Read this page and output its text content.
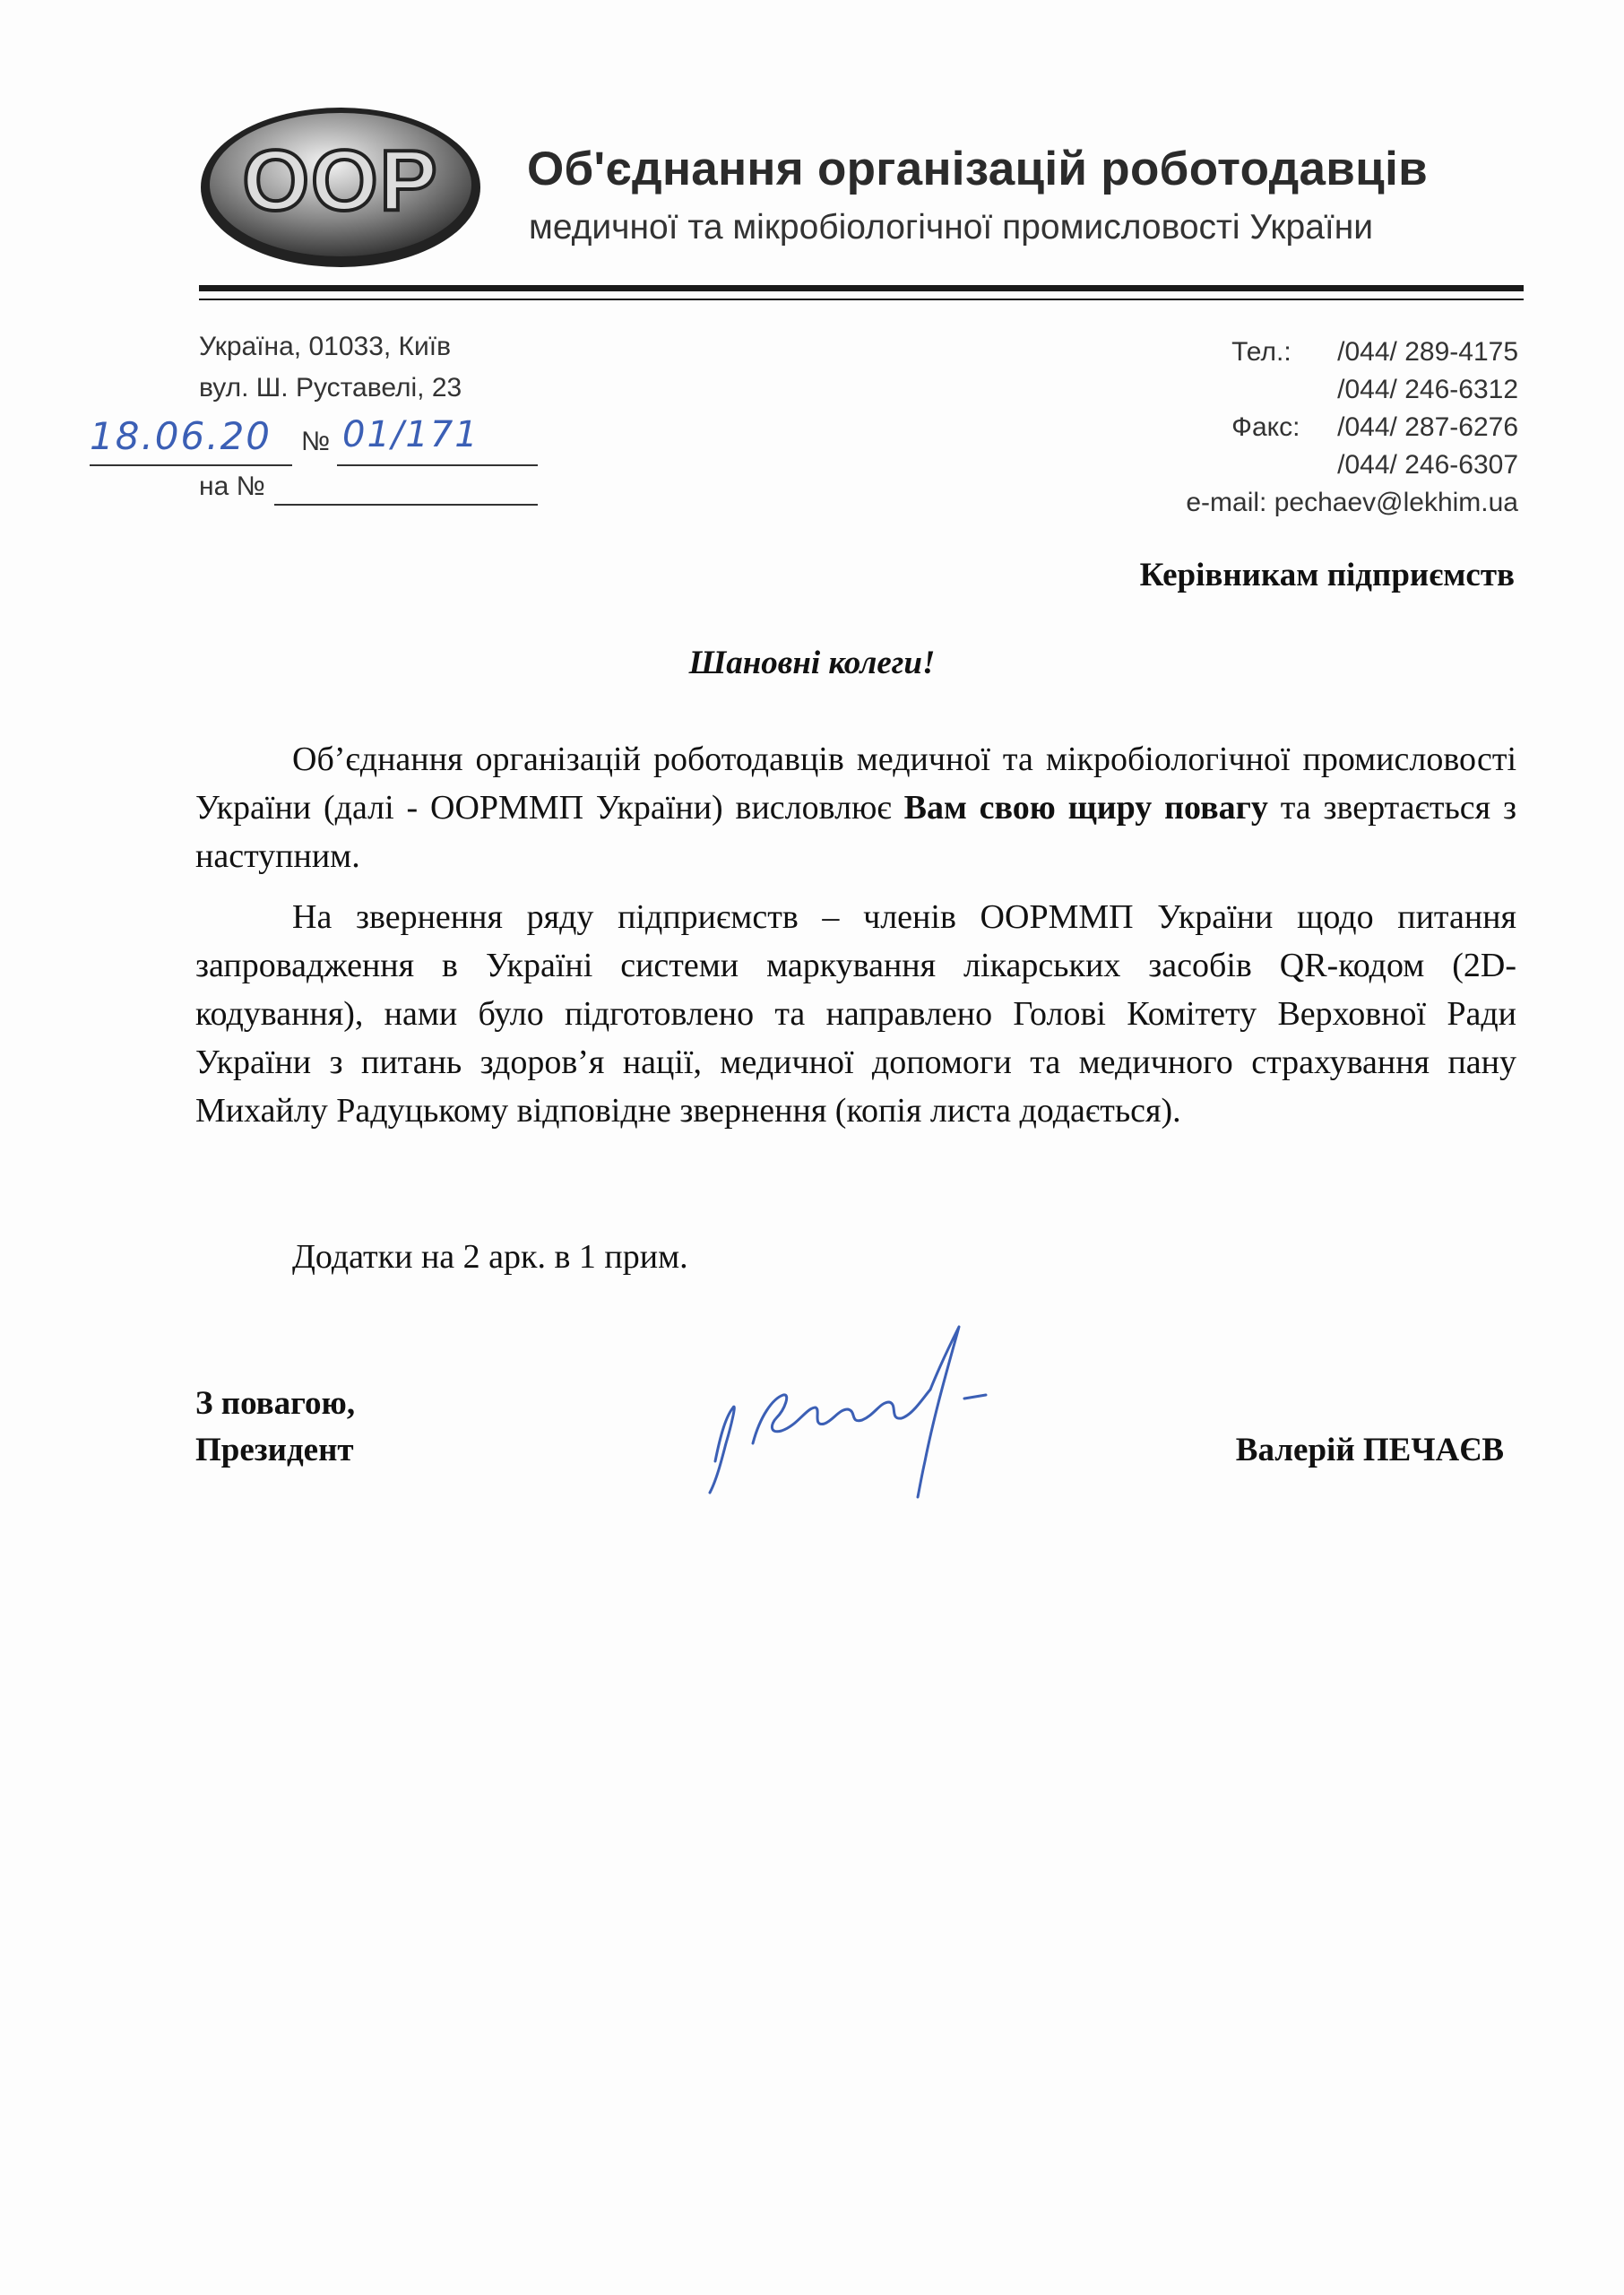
OOP Об'єднання організацій роботодавців
медичної та мікробіологічної промисловості України
Україна, 01033, Київ
вул. Ш. Руставелі, 23
Тел.:	/044/ 289-4175
/044/ 246-6312
Факс:	/044/ 287-6276
/044/ 246-6307
e-mail: pechaev@lekhim.ua
18.06.20 № 01/171
на №
Керівникам підприємств
Шановні колеги!
Об’єднання організацій роботодавців медичної та мікробіологічної промисловості України (далі - ООРММП України) висловлює Вам свою щиру повагу та звертається з наступним.
На звернення ряду підприємств – членів ООРММП України щодо питання запровадження в Україні системи маркування лікарських засобів QR-кодом (2D-кодування), нами було підготовлено та направлено Голові Комітету Верховної Ради України з питань здоров’я нації, медичної допомоги та медичного страхування пану Михайлу Радуцькому відповідне звернення (копія листа додається).
Додатки на 2 арк. в 1 прим.
З повагою,
Президент	Валерій ПЕЧАЄВ
